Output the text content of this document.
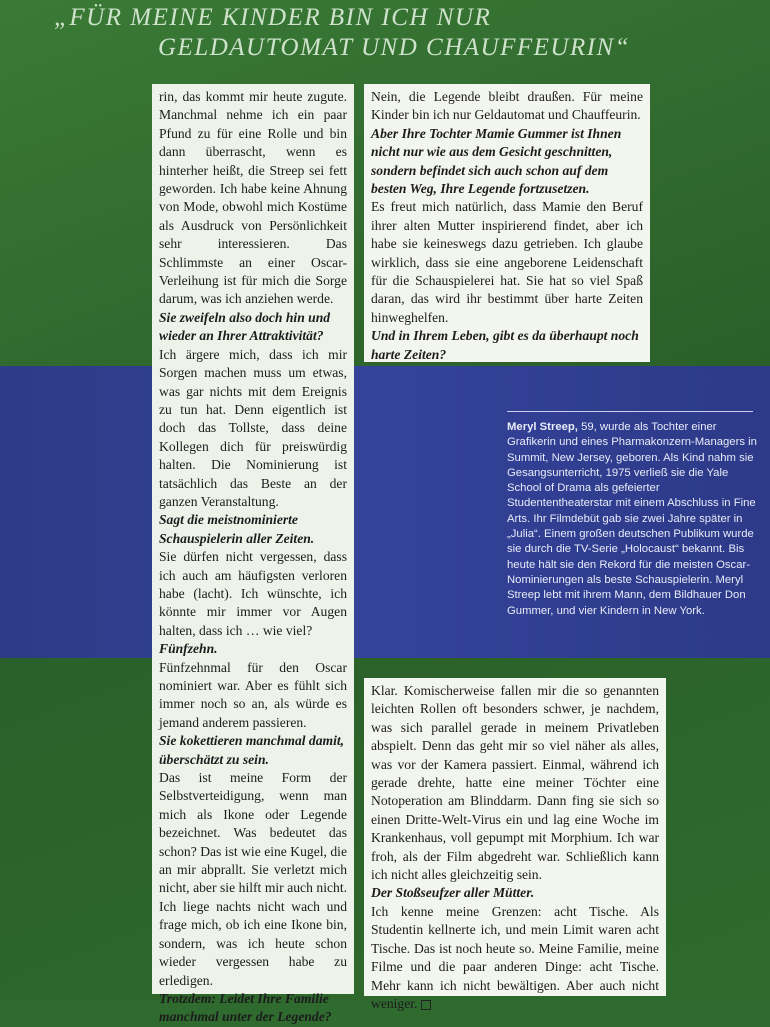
„FÜR MEINE KINDER BIN ICH NUR
GELDAUTOMAT UND CHAUFFEURIN“

rin, das kommt mir heute zugute. Manchmal nehme ich ein paar Pfund zu für eine Rolle und bin dann überrascht, wenn es hinterher heißt, die Streep sei fett geworden. Ich habe keine Ahnung von Mode, obwohl mich Kostüme als Ausdruck von Persönlichkeit sehr interessieren. Das Schlimmste an einer Oscar-Verleihung ist für mich die Sorge darum, was ich anziehen werde.

Sie zweifeln also doch hin und wieder an Ihrer Attraktivität?

Ich ärgere mich, dass ich mir Sorgen machen muss um etwas, was gar nichts mit dem Ereignis zu tun hat. Denn eigentlich ist doch das Tollste, dass deine Kollegen dich für preiswürdig halten. Die Nominierung ist tatsächlich das Beste an der ganzen Veranstaltung.

Sagt die meistnominierte Schauspielerin aller Zeiten.

Sie dürfen nicht vergessen, dass ich auch am häufigsten verloren habe (lacht). Ich wünschte, ich könnte mir immer vor Augen halten, dass ich … wie viel?

Fünfzehn.

Fünfzehnmal für den Oscar nominiert war. Aber es fühlt sich immer noch so an, als würde es jemand anderem passieren.

Sie kokettieren manchmal damit, überschätzt zu sein.

Das ist meine Form der Selbstverteidigung, wenn man mich als Ikone oder Legende bezeichnet. Was bedeutet das schon? Das ist wie eine Kugel, die an mir abprallt. Sie verletzt mich nicht, aber sie hilft mir auch nicht. Ich liege nachts nicht wach und frage mich, ob ich eine Ikone bin, sondern, was ich heute schon wieder vergessen habe zu erledigen.

Trotzdem: Leidet Ihre Familie manchmal unter der Legende?

Nein, die Legende bleibt draußen. Für meine Kinder bin ich nur Geldautomat und Chauffeurin.

Aber Ihre Tochter Mamie Gummer ist Ihnen nicht nur wie aus dem Gesicht geschnitten, sondern befindet sich auch schon auf dem besten Weg, Ihre Legende fortzusetzen.

Es freut mich natürlich, dass Mamie den Beruf ihrer alten Mutter inspirierend findet, aber ich habe sie keineswegs dazu getrieben. Ich glaube wirklich, dass sie eine angeborene Leidenschaft für die Schauspielerei hat. Sie hat so viel Spaß daran, das wird ihr bestimmt über harte Zeiten hinweghelfen.

Und in Ihrem Leben, gibt es da überhaupt noch harte Zeiten?

Meryl Streep, 59, wurde als Tochter einer Grafikerin und eines Pharmakonzern-Managers in Summit, New Jersey, geboren. Als Kind nahm sie Gesangsunterricht, 1975 verließ sie die Yale School of Drama als gefeierter Studententheaterstar mit einem Abschluss in Fine Arts. Ihr Filmdebüt gab sie zwei Jahre später in „Julia“. Einem großen deutschen Publikum wurde sie durch die TV-Serie „Holocaust“ bekannt. Bis heute hält sie den Rekord für die meisten Oscar-Nominierungen als beste Schauspielerin. Meryl Streep lebt mit ihrem Mann, dem Bildhauer Don Gummer, und vier Kindern in New York.

Klar. Komischerweise fallen mir die so genannten leichten Rollen oft besonders schwer, je nachdem, was sich parallel gerade in meinem Privatleben abspielt. Denn das geht mir so viel näher als alles, was vor der Kamera passiert. Einmal, während ich gerade drehte, hatte eine meiner Töchter eine Notoperation am Blinddarm. Dann fing sie sich so einen Dritte-Welt-Virus ein und lag eine Woche im Krankenhaus, voll gepumpt mit Morphium. Ich war froh, als der Film abgedreht war. Schließlich kann ich nicht alles gleichzeitig sein.

Der Stoßseufzer aller Mütter.

Ich kenne meine Grenzen: acht Tische. Als Studentin kellnerte ich, und mein Limit waren acht Tische. Das ist noch heute so. Meine Familie, meine Filme und die paar anderen Dinge: acht Tische. Mehr kann ich nicht bewältigen. Aber auch nicht weniger.
